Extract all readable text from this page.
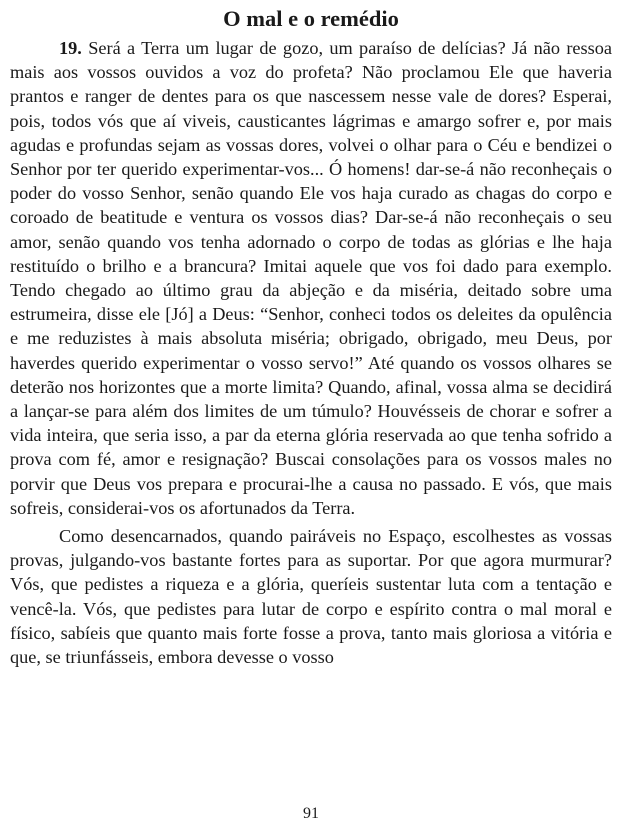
O mal e o remédio

19. Será a Terra um lugar de gozo, um paraíso de delícias? Já não ressoa mais aos vossos ouvidos a voz do profeta? Não proclamou Ele que haveria prantos e ranger de dentes para os que nascessem nesse vale de dores? Esperai, pois, todos vós que aí viveis, causticantes lágrimas e amargo sofrer e, por mais agudas e profundas sejam as vossas dores, volvei o olhar para o Céu e bendizei o Senhor por ter querido experimentar-vos... Ó homens! dar-se-á não reconheçais o poder do vosso Senhor, senão quando Ele vos haja curado as chagas do corpo e coroado de beatitude e ventura os vossos dias? Dar-se-á não reconheçais o seu amor, senão quando vos tenha adornado o corpo de todas as glórias e lhe haja restituído o brilho e a brancura? Imitai aquele que vos foi dado para exemplo. Tendo chegado ao último grau da abjeção e da miséria, deitado sobre uma estrumeira, disse ele [Jó] a Deus: “Senhor, conheci todos os deleites da opulência e me reduzistes à mais absoluta miséria; obrigado, obrigado, meu Deus, por haverdes querido experimentar o vosso servo!” Até quando os vossos olhares se deterão nos horizontes que a morte limita? Quando, afinal, vossa alma se decidirá a lançar-se para além dos limites de um túmulo? Houvésseis de chorar e sofrer a vida inteira, que seria isso, a par da eterna glória reservada ao que tenha sofrido a prova com fé, amor e resignação? Buscai consolações para os vossos males no porvir que Deus vos prepara e procurai-lhe a causa no passado. E vós, que mais sofreis, considerai-vos os afortunados da Terra.

Como desencarnados, quando pairáveis no Espaço, escolhestes as vossas provas, julgando-vos bastante fortes para as suportar. Por que agora murmurar? Vós, que pedistes a riqueza e a glória, queríeis sustentar luta com a tentação e vencê-la. Vós, que pedistes para lutar de corpo e espírito contra o mal moral e físico, sabíeis que quanto mais forte fosse a prova, tanto mais gloriosa a vitória e que, se triunfásseis, embora devesse o vosso

91
